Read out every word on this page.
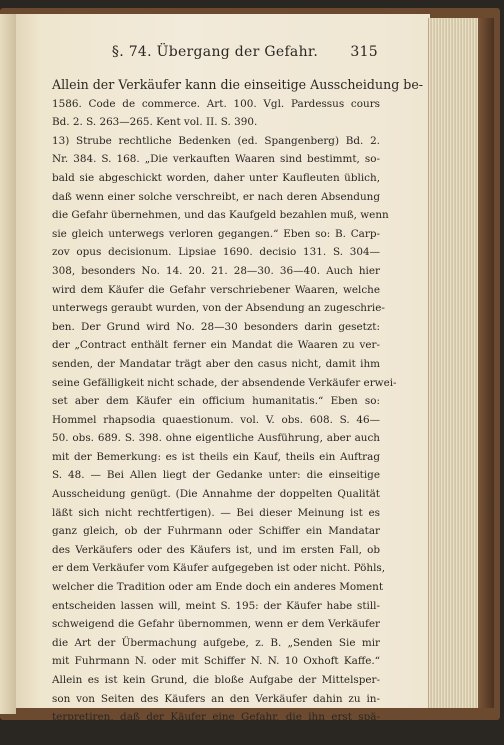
§. 74. Übergang der Gefahr.	315
Allein der Verkäufer kann die einseitige Ausscheidung be-
1586. Code de commerce. Art. 100. Vgl. Pardessus cours
Bd. 2. S. 263—265. Kent vol. II. S. 390.
13) Strube rechtliche Bedenken (ed. Spangenberg) Bd. 2.
Nr. 384. S. 168. „Die verkauften Waaren sind bestimmt, so-
bald sie abgeschickt worden, daher unter Kaufleuten üblich,
daß wenn einer solche verschreibt, er nach deren Absendung
die Gefahr übernehmen, und das Kaufgeld bezahlen muß, wenn
sie gleich unterwegs verloren gegangen.“ Eben so: B. Carp-
zov opus decisionum. Lipsiae 1690. decisio 131. S. 304—
308, besonders No. 14. 20. 21. 28—30. 36—40. Auch hier
wird dem Käufer die Gefahr verschriebener Waaren, welche
unterwegs geraubt wurden, von der Absendung an zugeschrie-
ben. Der Grund wird No. 28—30 besonders darin gesetzt:
der „Contract enthält ferner ein Mandat die Waaren zu ver-
senden, der Mandatar trägt aber den casus nicht, damit ihm
seine Gefälligkeit nicht schade, der absendende Verkäufer erwei-
set aber dem Käufer ein officium humanitatis.“ Eben so:
Hommel rhapsodia quaestionum. vol. V. obs. 608. S. 46—
50. obs. 689. S. 398. ohne eigentliche Ausführung, aber auch
mit der Bemerkung: es ist theils ein Kauf, theils ein Auftrag
S. 48. — Bei Allen liegt der Gedanke unter: die einseitige
Ausscheidung genügt. (Die Annahme der doppelten Qualität
läßt sich nicht rechtfertigen). — Bei dieser Meinung ist es
ganz gleich, ob der Fuhrmann oder Schiffer ein Mandatar
des Verkäufers oder des Käufers ist, und im ersten Fall, ob
er dem Verkäufer vom Käufer aufgegeben ist oder nicht. Pöhls,
welcher die Tradition oder am Ende doch ein anderes Moment
entscheiden lassen will, meint S. 195: der Käufer habe still-
schweigend die Gefahr übernommen, wenn er dem Verkäufer
die Art der Übermachung aufgebe, z. B. „Senden Sie mir
mit Fuhrmann N. oder mit Schiffer N. N. 10 Oxhoft Kaffe.“
Allein es ist kein Grund, die bloße Aufgabe der Mittelsper-
son von Seiten des Käufers an den Verkäufer dahin zu in-
terpretiren, daß der Käufer eine Gefahr, die ihn erst spä-
ter trifft (nach der Meinung von Pöhls), schon von nun an
